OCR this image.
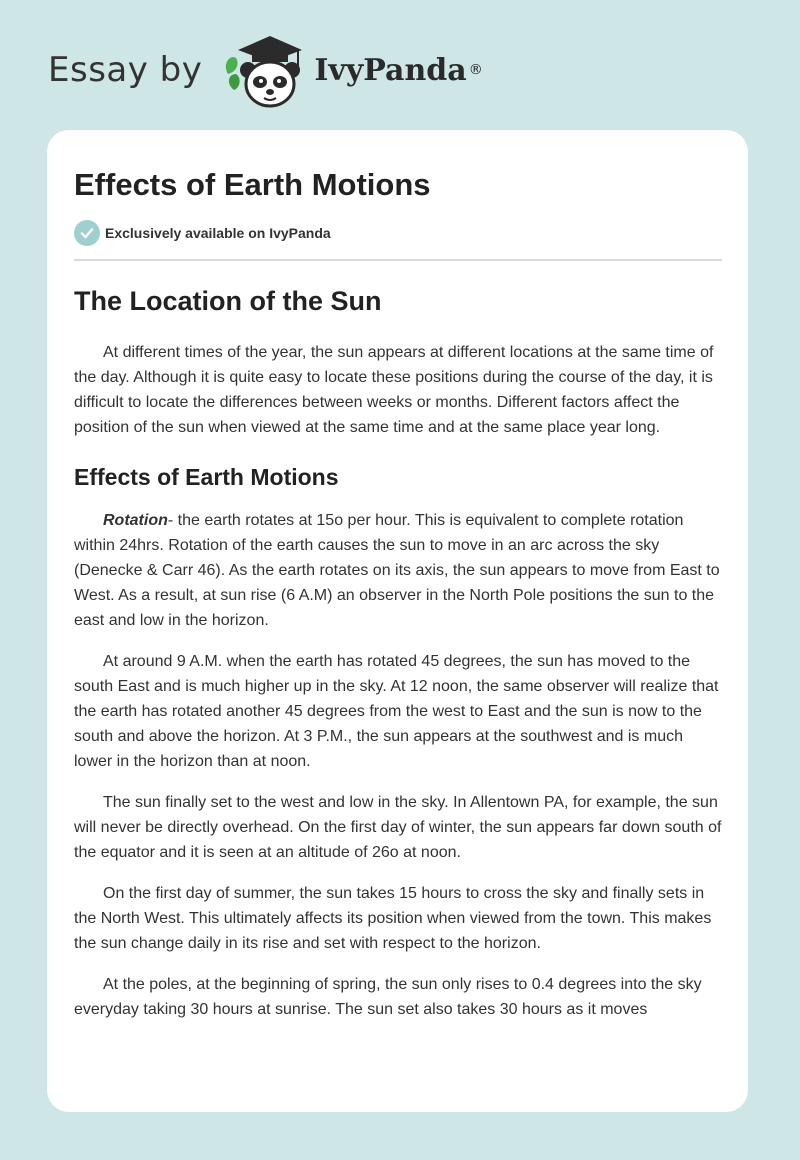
Essay by	IvyPanda ®
Effects of Earth Motions
Exclusively available on IvyPanda
The Location of the Sun

At different times of the year, the sun appears at different locations at the same time of the day. Although it is quite easy to locate these positions during the course of the day, it is difficult to locate the differences between weeks or months. Different factors affect the position of the sun when viewed at the same time and at the same place year long.

Effects of Earth Motions

Rotation- the earth rotates at 15o per hour. This is equivalent to complete rotation within 24hrs. Rotation of the earth causes the sun to move in an arc across the sky (Denecke & Carr 46). As the earth rotates on its axis, the sun appears to move from East to West. As a result, at sun rise (6 A.M) an observer in the North Pole positions the sun to the east and low in the horizon.

At around 9 A.M. when the earth has rotated 45 degrees, the sun has moved to the south East and is much higher up in the sky. At 12 noon, the same observer will realize that the earth has rotated another 45 degrees from the west to East and the sun is now to the south and above the horizon. At 3 P.M., the sun appears at the southwest and is much lower in the horizon than at noon.

The sun finally set to the west and low in the sky. In Allentown PA, for example, the sun will never be directly overhead. On the first day of winter, the sun appears far down south of the equator and it is seen at an altitude of 26o at noon.

On the first day of summer, the sun takes 15 hours to cross the sky and finally sets in the North West. This ultimately affects its position when viewed from the town. This makes the sun change daily in its rise and set with respect to the horizon.

At the poles, at the beginning of spring, the sun only rises to 0.4 degrees into the sky everyday taking 30 hours at sunrise. The sun set also takes 30 hours as it moves
